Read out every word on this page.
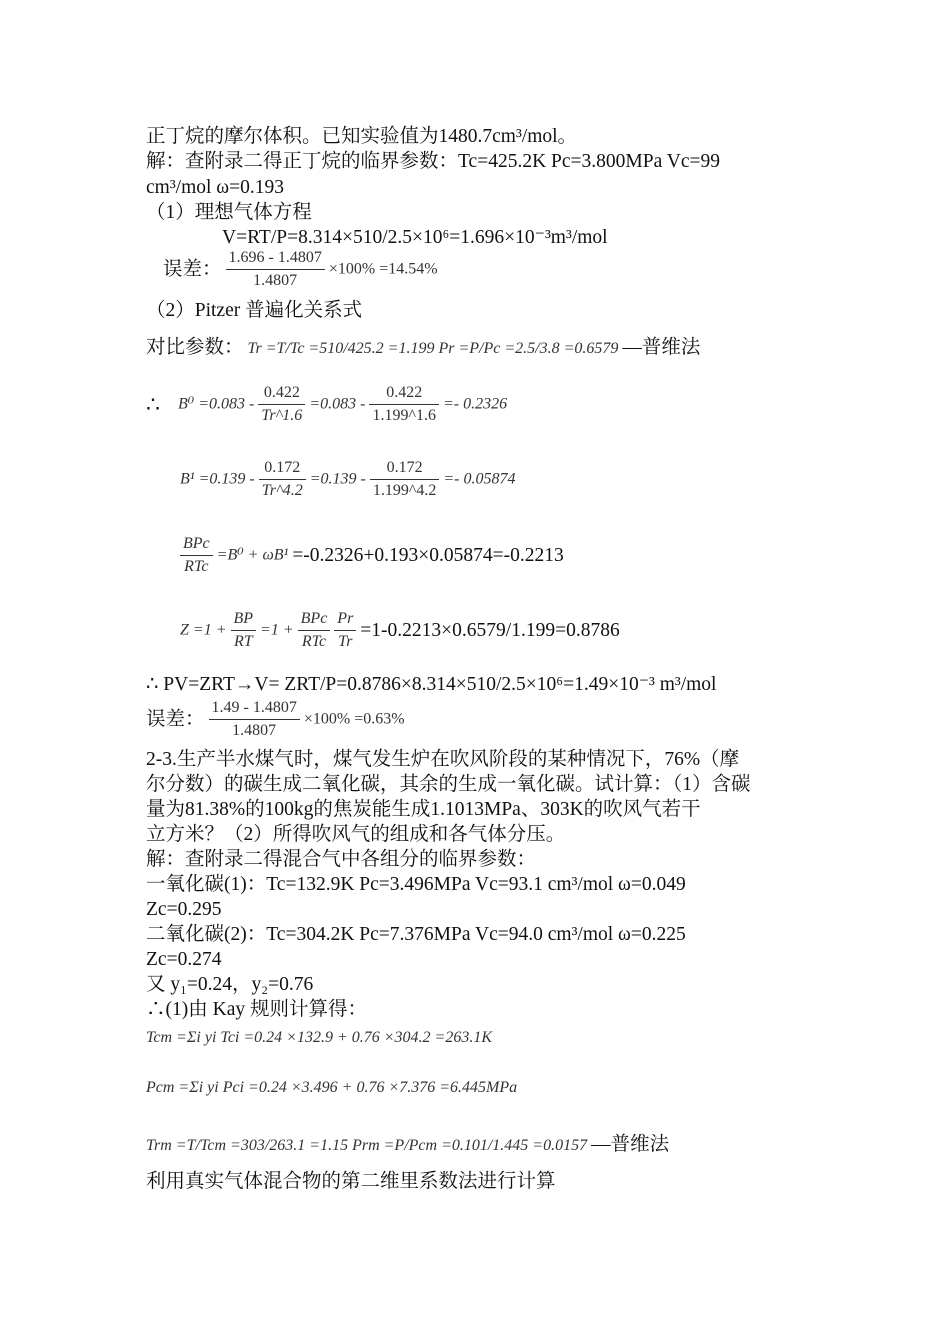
正丁烷的摩尔体积。已知实验值为1480.7cm³/mol。
解：查附录二得正丁烷的临界参数：Tc=425.2K Pc=3.800MPa Vc=99
cm³/mol ω=0.193
（1）理想气体方程
V=RT/P=8.314×510/2.5×10⁶=1.696×10⁻³m³/mol
误差： $\frac{1.696 - 1.4807}{1.4807} \times 100\% =14.54\%$
（2）Pitzer 普遍化关系式
对比参数： Tr =T/Tc =510/425.2 =1.199 Pr =P/Pc =2.5/3.8 =0.6579 —普维法
∴ $B^0 =0.083 - \frac{0.422}{Tr\^{}1.6} =0.083 - \frac{0.422}{1.199\^{}1.6} =- 0.2326$
$B^1 =0.139 - \frac{0.172}{Tr\^{}4.2} =0.139 - \frac{0.172}{1.199\^{}4.2} =- 0.05874$
$\frac{\text{BPc}}{\text{RTc}} =B^0 + \omega B^1 =-0.2326+0.193\times 0.05874=-0.2213$
$Z =1 + \frac{BP}{RT} =1 + \frac{\text{BPc}}{\text{RTc}}$
$\frac{Pr}{Tr} =1-0.2213\times 0.6579/1.199=0.8786$
∴ PV=ZRT→V= ZRT/P=0.8786×8.314×510/2.5×10⁶=1.49×10⁻³ m³/mol
误差： $\frac{1.49 - 1.4807}{1.4807} \times 100\% =0.63\%$
2-3.生产半水煤气时，煤气发生炉在吹风阶段的某种情况下，76%（摩
尔分数）的碳生成二氧化碳，其余的生成一氧化碳。试计算：（1）含碳
量为81.38%的100kg的焦炭能生成1.1013MPa、303K的吹风气若干
立方米？（2）所得吹风气的组成和各气体分压。
解：查附录二得混合气中各组分的临界参数：
一氧化碳(1)：Tc=132.9K Pc=3.496MPa Vc=93.1 cm³/mol ω=0.049
Zc=0.295
二氧化碳(2)：Tc=304.2K Pc=7.376MPa Vc=94.0 cm³/mol ω=0.225
Zc=0.274
又 y₁=0.24，y₂=0.76
∴(1)由 Kay 规则计算得：
Tcm =Σi yi Tci =0.24 ×132.9 + 0.76 ×304.2 =263.1K
Pcm =Σi yi Pci =0.24 ×3.496 + 0.76 ×7.376 =6.445MPa
Trm =T/Tcm =303/263.1 =1.15 Prm =P/Pcm =0.101/1.445 =0.0157 —普维法
利用真实气体混合物的第二维里系数法进行计算
